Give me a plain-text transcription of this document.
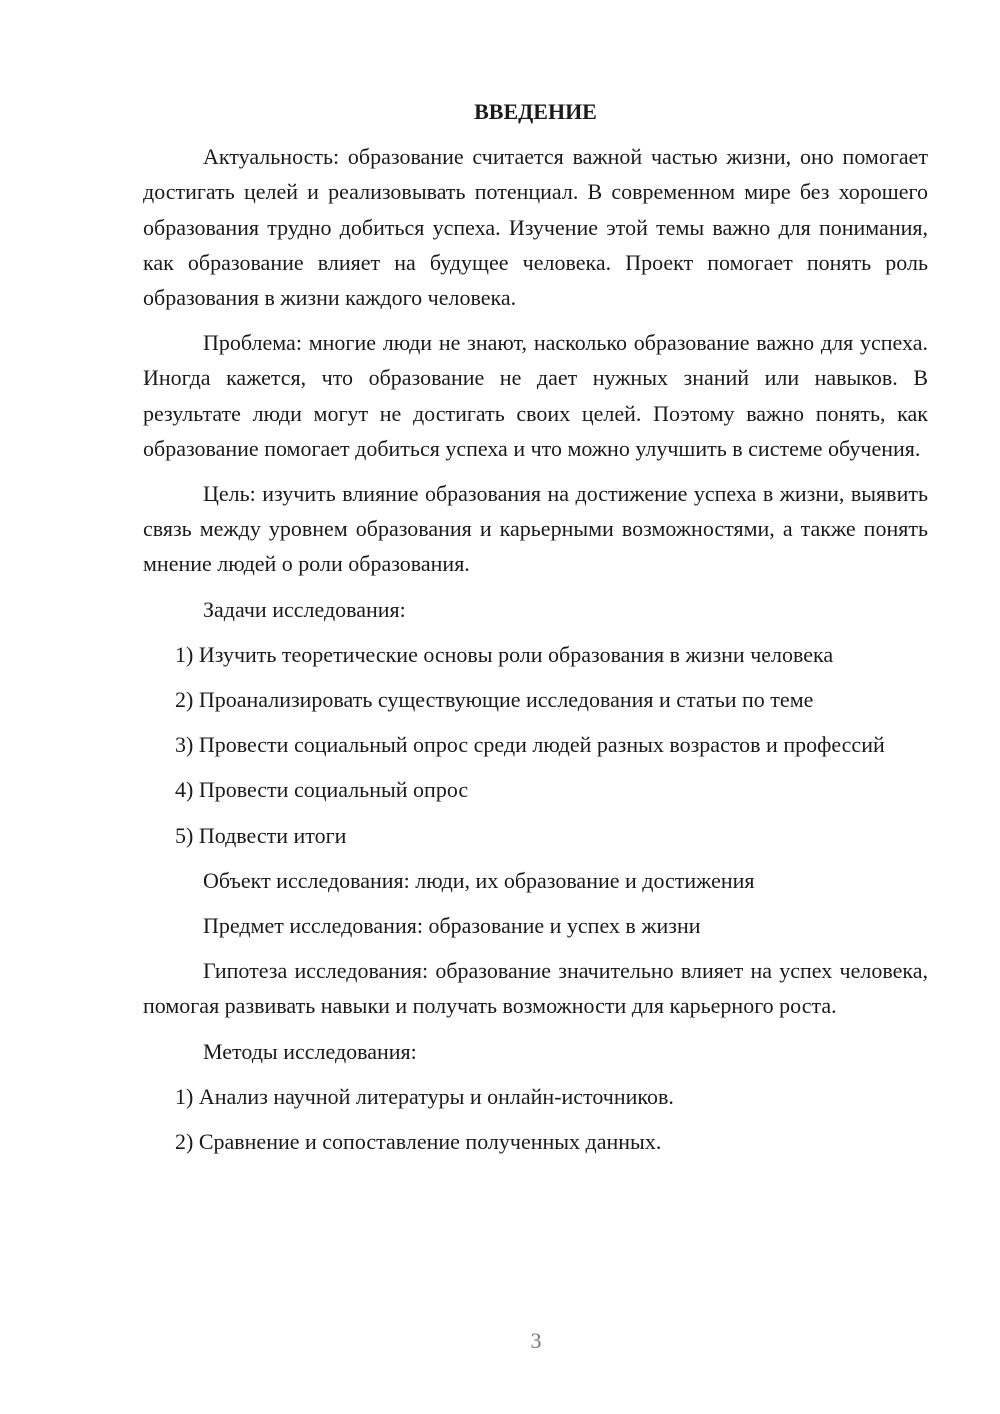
ВВЕДЕНИЕ

Актуальность: образование считается важной частью жизни, оно помогает достигать целей и реализовывать потенциал. В современном мире без хорошего образования трудно добиться успеха. Изучение этой темы важно для понимания, как образование влияет на будущее человека. Проект помогает понять роль образования в жизни каждого человека.

Проблема: многие люди не знают, насколько образование важно для успеха. Иногда кажется, что образование не дает нужных знаний или навыков. В результате люди могут не достигать своих целей. Поэтому важно понять, как образование помогает добиться успеха и что можно улучшить в системе обучения.

Цель: изучить влияние образования на достижение успеха в жизни, выявить связь между уровнем образования и карьерными возможностями, а также понять мнение людей о роли образования.

Задачи исследования:

1) Изучить теоретические основы роли образования в жизни человека

2) Проанализировать существующие исследования и статьи по теме

3) Провести социальный опрос среди людей разных возрастов и профессий

4) Провести социальный опрос

5) Подвести итоги

Объект исследования: люди, их образование и достижения

Предмет исследования: образование и успех в жизни

Гипотеза исследования: образование значительно влияет на успех человека, помогая развивать навыки и получать возможности для карьерного роста.

Методы исследования:

1) Анализ научной литературы и онлайн-источников.

2) Сравнение и сопоставление полученных данных.

3
